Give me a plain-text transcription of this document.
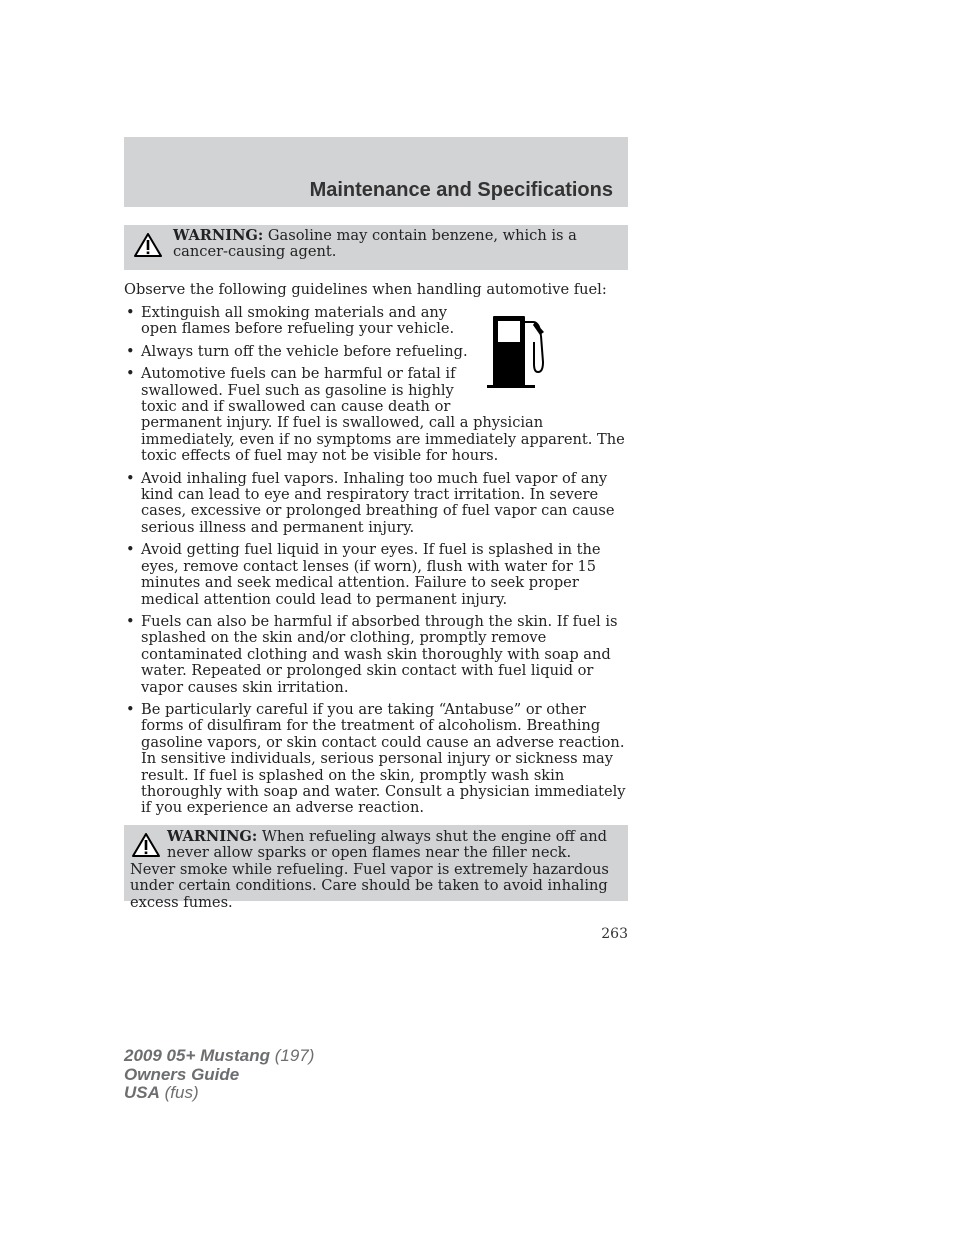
Maintenance and Specifications
WARNING: Gasoline may contain benzene, which is a cancer-causing agent.
Observe the following guidelines when handling automotive fuel:
• Extinguish all smoking materials and any open flames before refueling your vehicle.
• Always turn off the vehicle before refueling.
• Automotive fuels can be harmful or fatal if swallowed. Fuel such as gasoline is highly toxic and if swallowed can cause death or permanent injury. If fuel is swallowed, call a physician immediately, even if no symptoms are immediately apparent. The toxic effects of fuel may not be visible for hours.
• Avoid inhaling fuel vapors. Inhaling too much fuel vapor of any kind can lead to eye and respiratory tract irritation. In severe cases, excessive or prolonged breathing of fuel vapor can cause serious illness and permanent injury.
• Avoid getting fuel liquid in your eyes. If fuel is splashed in the eyes, remove contact lenses (if worn), flush with water for 15 minutes and seek medical attention. Failure to seek proper medical attention could lead to permanent injury.
• Fuels can also be harmful if absorbed through the skin. If fuel is splashed on the skin and/or clothing, promptly remove contaminated clothing and wash skin thoroughly with soap and water. Repeated or prolonged skin contact with fuel liquid or vapor causes skin irritation.
• Be particularly careful if you are taking “Antabuse” or other forms of disulfiram for the treatment of alcoholism. Breathing gasoline vapors, or skin contact could cause an adverse reaction. In sensitive individuals, serious personal injury or sickness may result. If fuel is splashed on the skin, promptly wash skin thoroughly with soap and water. Consult a physician immediately if you experience an adverse reaction.
WARNING: When refueling always shut the engine off and never allow sparks or open flames near the filler neck. Never smoke while refueling. Fuel vapor is extremely hazardous under certain conditions. Care should be taken to avoid inhaling excess fumes.
263
2009 05+ Mustang (197)
Owners Guide
USA (fus)
